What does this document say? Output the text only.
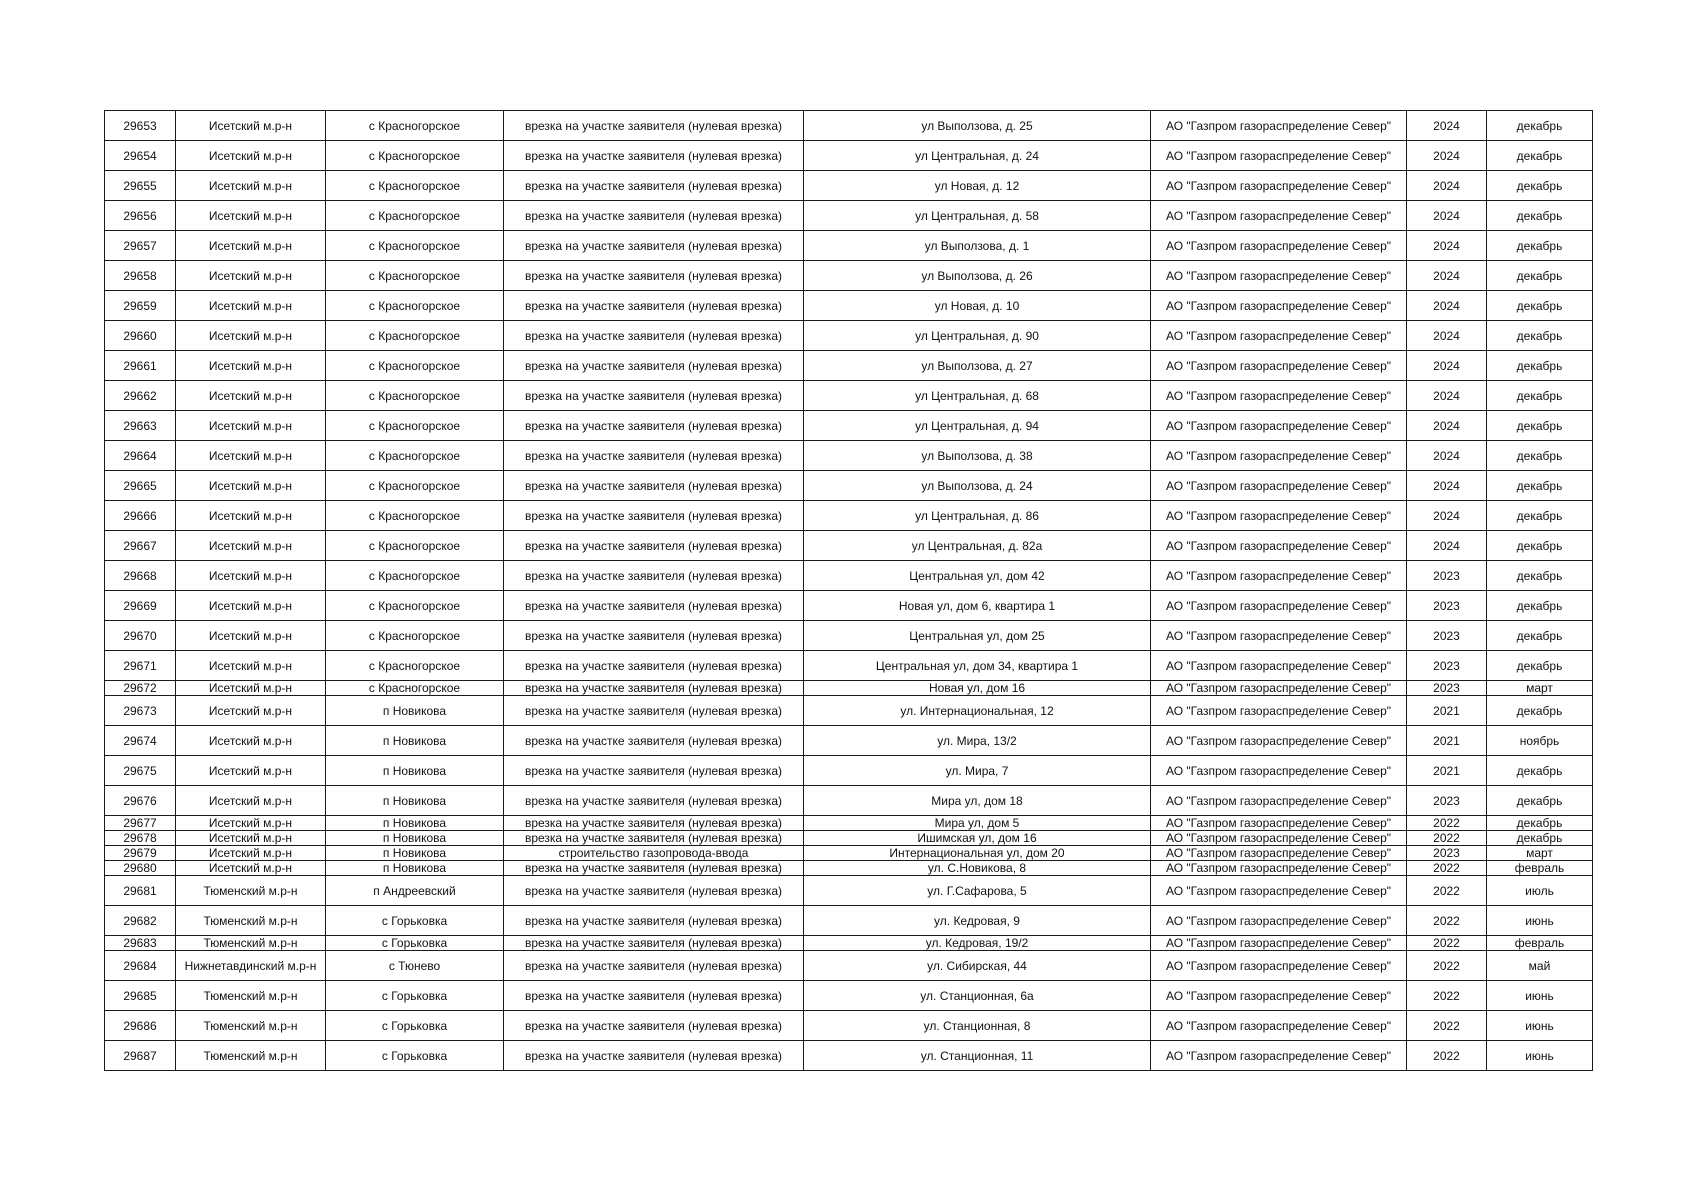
29653	Исетский м.р-н	с Красногорское	врезка на участке заявителя (нулевая врезка)	ул Выползова, д. 25	АО "Газпром газораспределение Север"	2024	декабрь
29654	Исетский м.р-н	с Красногорское	врезка на участке заявителя (нулевая врезка)	ул Центральная, д. 24	АО "Газпром газораспределение Север"	2024	декабрь
29655	Исетский м.р-н	с Красногорское	врезка на участке заявителя (нулевая врезка)	ул Новая, д. 12	АО "Газпром газораспределение Север"	2024	декабрь
29656	Исетский м.р-н	с Красногорское	врезка на участке заявителя (нулевая врезка)	ул Центральная, д. 58	АО "Газпром газораспределение Север"	2024	декабрь
29657	Исетский м.р-н	с Красногорское	врезка на участке заявителя (нулевая врезка)	ул Выползова, д. 1	АО "Газпром газораспределение Север"	2024	декабрь
29658	Исетский м.р-н	с Красногорское	врезка на участке заявителя (нулевая врезка)	ул Выползова, д. 26	АО "Газпром газораспределение Север"	2024	декабрь
29659	Исетский м.р-н	с Красногорское	врезка на участке заявителя (нулевая врезка)	ул Новая, д. 10	АО "Газпром газораспределение Север"	2024	декабрь
29660	Исетский м.р-н	с Красногорское	врезка на участке заявителя (нулевая врезка)	ул Центральная, д. 90	АО "Газпром газораспределение Север"	2024	декабрь
29661	Исетский м.р-н	с Красногорское	врезка на участке заявителя (нулевая врезка)	ул Выползова, д. 27	АО "Газпром газораспределение Север"	2024	декабрь
29662	Исетский м.р-н	с Красногорское	врезка на участке заявителя (нулевая врезка)	ул Центральная, д. 68	АО "Газпром газораспределение Север"	2024	декабрь
29663	Исетский м.р-н	с Красногорское	врезка на участке заявителя (нулевая врезка)	ул Центральная, д. 94	АО "Газпром газораспределение Север"	2024	декабрь
29664	Исетский м.р-н	с Красногорское	врезка на участке заявителя (нулевая врезка)	ул Выползова, д. 38	АО "Газпром газораспределение Север"	2024	декабрь
29665	Исетский м.р-н	с Красногорское	врезка на участке заявителя (нулевая врезка)	ул Выползова, д. 24	АО "Газпром газораспределение Север"	2024	декабрь
29666	Исетский м.р-н	с Красногорское	врезка на участке заявителя (нулевая врезка)	ул Центральная, д. 86	АО "Газпром газораспределение Север"	2024	декабрь
29667	Исетский м.р-н	с Красногорское	врезка на участке заявителя (нулевая врезка)	ул Центральная, д. 82а	АО "Газпром газораспределение Север"	2024	декабрь
29668	Исетский м.р-н	с Красногорское	врезка на участке заявителя (нулевая врезка)	Центральная ул, дом 42	АО "Газпром газораспределение Север"	2023	декабрь
29669	Исетский м.р-н	с Красногорское	врезка на участке заявителя (нулевая врезка)	Новая ул, дом 6, квартира 1	АО "Газпром газораспределение Север"	2023	декабрь
29670	Исетский м.р-н	с Красногорское	врезка на участке заявителя (нулевая врезка)	Центральная ул, дом 25	АО "Газпром газораспределение Север"	2023	декабрь
29671	Исетский м.р-н	с Красногорское	врезка на участке заявителя (нулевая врезка)	Центральная ул, дом 34, квартира 1	АО "Газпром газораспределение Север"	2023	декабрь
29672	Исетский м.р-н	с Красногорское	врезка на участке заявителя (нулевая врезка)	Новая ул, дом 16	АО "Газпром газораспределение Север"	2023	март
29673	Исетский м.р-н	п Новикова	врезка на участке заявителя (нулевая врезка)	ул. Интернациональная, 12	АО "Газпром газораспределение Север"	2021	декабрь
29674	Исетский м.р-н	п Новикова	врезка на участке заявителя (нулевая врезка)	ул. Мира, 13/2	АО "Газпром газораспределение Север"	2021	ноябрь
29675	Исетский м.р-н	п Новикова	врезка на участке заявителя (нулевая врезка)	ул. Мира, 7	АО "Газпром газораспределение Север"	2021	декабрь
29676	Исетский м.р-н	п Новикова	врезка на участке заявителя (нулевая врезка)	Мира ул, дом 18	АО "Газпром газораспределение Север"	2023	декабрь
29677	Исетский м.р-н	п Новикова	врезка на участке заявителя (нулевая врезка)	Мира ул, дом 5	АО "Газпром газораспределение Север"	2022	декабрь
29678	Исетский м.р-н	п Новикова	врезка на участке заявителя (нулевая врезка)	Ишимская ул, дом 16	АО "Газпром газораспределение Север"	2022	декабрь
29679	Исетский м.р-н	п Новикова	строительство газопровода-ввода	Интернациональная ул, дом 20	АО "Газпром газораспределение Север"	2023	март
29680	Исетский м.р-н	п Новикова	врезка на участке заявителя (нулевая врезка)	ул. С.Новикова, 8	АО "Газпром газораспределение Север"	2022	февраль
29681	Тюменский м.р-н	п Андреевский	врезка на участке заявителя (нулевая врезка)	ул. Г.Сафарова, 5	АО "Газпром газораспределение Север"	2022	июль
29682	Тюменский м.р-н	с Горьковка	врезка на участке заявителя (нулевая врезка)	ул. Кедровая, 9	АО "Газпром газораспределение Север"	2022	июнь
29683	Тюменский м.р-н	с Горьковка	врезка на участке заявителя (нулевая врезка)	ул. Кедровая, 19/2	АО "Газпром газораспределение Север"	2022	февраль
29684	Нижнетавдинский м.р-н	с Тюнево	врезка на участке заявителя (нулевая врезка)	ул. Сибирская, 44	АО "Газпром газораспределение Север"	2022	май
29685	Тюменский м.р-н	с Горьковка	врезка на участке заявителя (нулевая врезка)	ул. Станционная, 6а	АО "Газпром газораспределение Север"	2022	июнь
29686	Тюменский м.р-н	с Горьковка	врезка на участке заявителя (нулевая врезка)	ул. Станционная, 8	АО "Газпром газораспределение Север"	2022	июнь
29687	Тюменский м.р-н	с Горьковка	врезка на участке заявителя (нулевая врезка)	ул. Станционная, 11	АО "Газпром газораспределение Север"	2022	июнь
